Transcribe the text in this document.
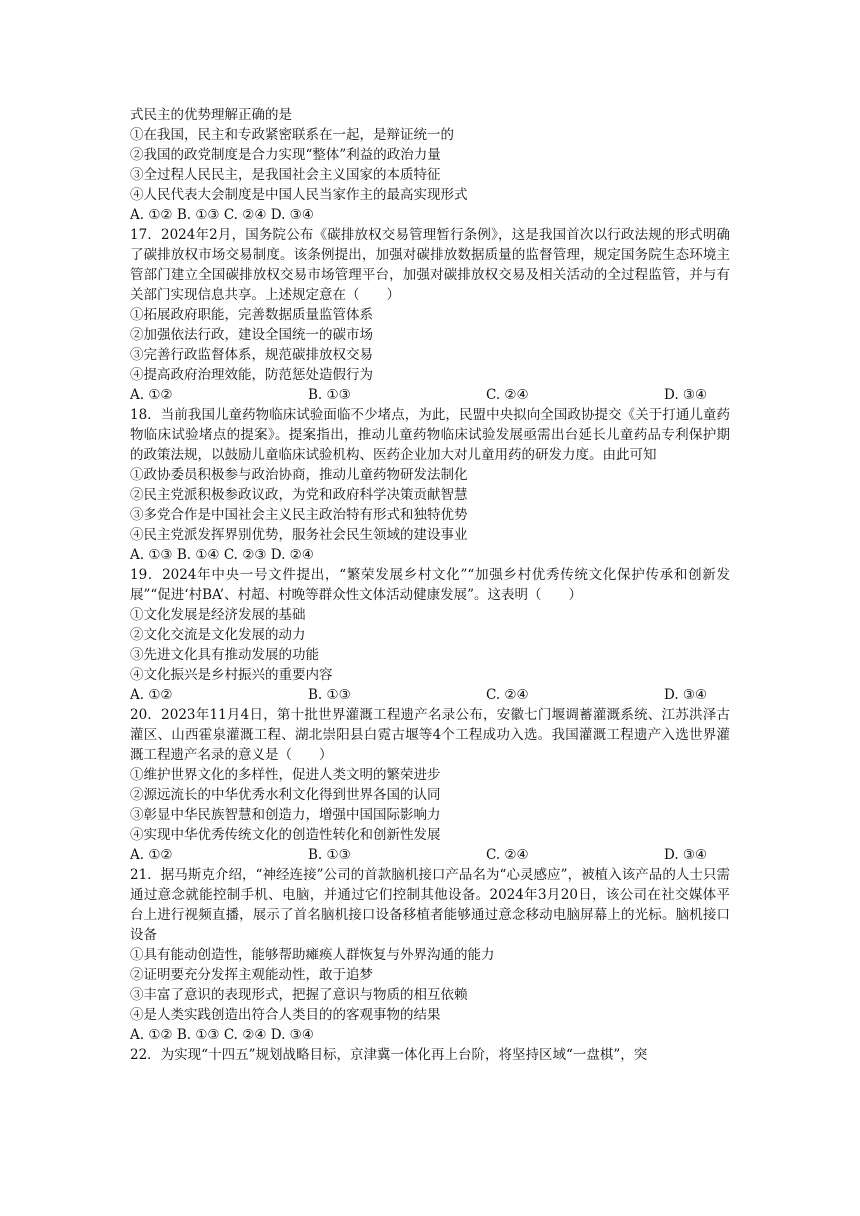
式民主的优势理解正确的是
①在我国，民主和专政紧密联系在一起，是辩证统一的
②我国的政党制度是合力实现“整体”利益的政治力量
③全过程人民民主，是我国社会主义国家的本质特征
④人民代表大会制度是中国人民当家作主的最高实现形式
A. ①② B. ①③ C. ②④ D. ③④
17．2024年2月，国务院公布《碳排放权交易管理暂行条例》，这是我国首次以行政法规的形式明确了碳排放权市场交易制度。该条例提出，加强对碳排放数据质量的监督管理，规定国务院生态环境主管部门建立全国碳排放权交易市场管理平台，加强对碳排放权交易及相关活动的全过程监管，并与有关部门实现信息共享。上述规定意在（　　）
①拓展政府职能，完善数据质量监管体系
②加强依法行政，建设全国统一的碳市场
③完善行政监督体系，规范碳排放权交易
④提高政府治理效能，防范惩处造假行为
A. ①②	B. ①③	C. ②④	D. ③④
18．当前我国儿童药物临床试验面临不少堵点，为此，民盟中央拟向全国政协提交《关于打通儿童药物临床试验堵点的提案》。提案指出，推动儿童药物临床试验发展亟需出台延长儿童药品专利保护期的政策法规，以鼓励儿童临床试验机构、医药企业加大对儿童用药的研发力度。由此可知
①政协委员积极参与政治协商，推动儿童药物研发法制化
②民主党派积极参政议政，为党和政府科学决策贡献智慧
③多党合作是中国社会主义民主政治特有形式和独特优势
④民主党派发挥界别优势，服务社会民生领域的建设事业
A. ①③ B. ①④ C. ②③ D. ②④
19．2024年中央一号文件提出，“繁荣发展乡村文化”“加强乡村优秀传统文化保护传承和创新发展”“促进‘村BA’、村超、村晚等群众性文体活动健康发展”。这表明（　　）
①文化发展是经济发展的基础
②文化交流是文化发展的动力
③先进文化具有推动发展的功能
④文化振兴是乡村振兴的重要内容
A. ①②	B. ①③	C. ②④	D. ③④
20．2023年11月4日，第十批世界灌溉工程遗产名录公布，安徽七门堰调蓄灌溉系统、江苏洪泽古灌区、山西霍泉灌溉工程、湖北崇阳县白霓古堰等4个工程成功入选。我国灌溉工程遗产入选世界灌溉工程遗产名录的意义是（　　）
①维护世界文化的多样性，促进人类文明的繁荣进步
②源远流长的中华优秀水利文化得到世界各国的认同
③彰显中华民族智慧和创造力，增强中国国际影响力
④实现中华优秀传统文化的创造性转化和创新性发展
A. ①②	B. ①③	C. ②④	D. ③④
21．据马斯克介绍，“神经连接”公司的首款脑机接口产品名为“心灵感应”，被植入该产品的人士只需通过意念就能控制手机、电脑，并通过它们控制其他设备。2024年3月20日，该公司在社交媒体平台上进行视频直播，展示了首名脑机接口设备移植者能够通过意念移动电脑屏幕上的光标。脑机接口设备
①具有能动创造性，能够帮助瘫痪人群恢复与外界沟通的能力
②证明要充分发挥主观能动性，敢于追梦
③丰富了意识的表现形式，把握了意识与物质的相互依赖
④是人类实践创造出符合人类目的的客观事物的结果
A. ①② B. ①③ C. ②④ D. ③④
22．为实现“十四五”规划战略目标，京津冀一体化再上台阶，将坚持区域“一盘棋”，突
